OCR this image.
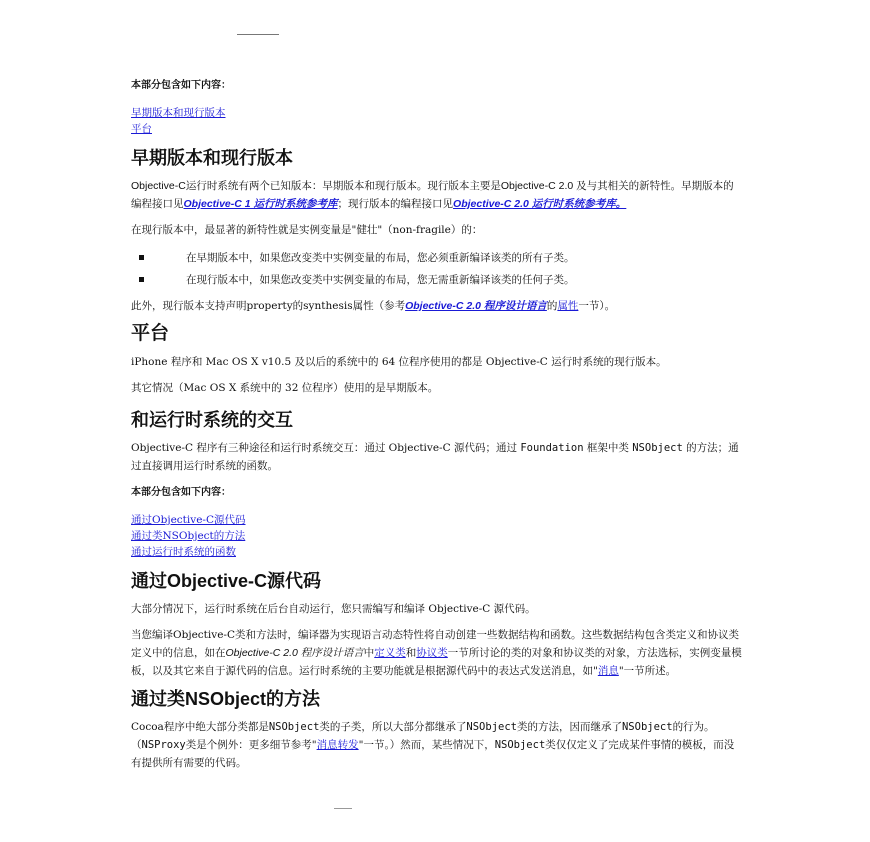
本部分包含如下内容：
早期版本和现行版本
平台
早期版本和现行版本

Objective-C运行时系统有两个已知版本：早期版本和现行版本。现行版本主要是Objective-C 2.0 及与其相关的新特性。早期版本的编程接口见Objective-C 1 运行时系统参考库；现行版本的编程接口见Objective-C 2.0 运行时系统参考库。

在现行版本中，最显著的新特性就是实例变量是"健壮"（non-fragile）的：

在早期版本中，如果您改变类中实例变量的布局，您必须重新编译该类的所有子类。
在现行版本中，如果您改变类中实例变量的布局，您无需重新编译该类的任何子类。

此外，现行版本支持声明property的synthesis属性（参考Objective-C 2.0 程序设计语言的属性一节）。

平台

iPhone 程序和 Mac OS X v10.5 及以后的系统中的 64 位程序使用的都是 Objective-C 运行时系统的现行版本。

其它情况（Mac OS X 系统中的 32 位程序）使用的是早期版本。

和运行时系统的交互

Objective-C 程序有三种途径和运行时系统交互：通过 Objective-C 源代码；通过 Foundation 框架中类 NSObject 的方法；通过直接调用运行时系统的函数。

本部分包含如下内容：
通过Objective-C源代码
通过类NSObject的方法
通过运行时系统的函数
通过Objective-C源代码

大部分情况下，运行时系统在后台自动运行，您只需编写和编译 Objective-C 源代码。

当您编译Objective-C类和方法时，编译器为实现语言动态特性将自动创建一些数据结构和函数。这些数据结构包含类定义和协议类定义中的信息，如在Objective-C 2.0 程序设计语言中定义类和协议类一节所讨论的类的对象和协议类的对象，方法选标，实例变量模板，以及其它来自于源代码的信息。运行时系统的主要功能就是根据源代码中的表达式发送消息，如"消息"一节所述。

通过类NSObject的方法

Cocoa程序中绝大部分类都是NSObject类的子类，所以大部分都继承了NSObject类的方法，因而继承了NSObject的行为。（NSProxy类是个例外：更多细节参考"消息转发"一节。）然而，某些情况下，NSObject类仅仅定义了完成某件事情的模板，而没有提供所有需要的代码。
